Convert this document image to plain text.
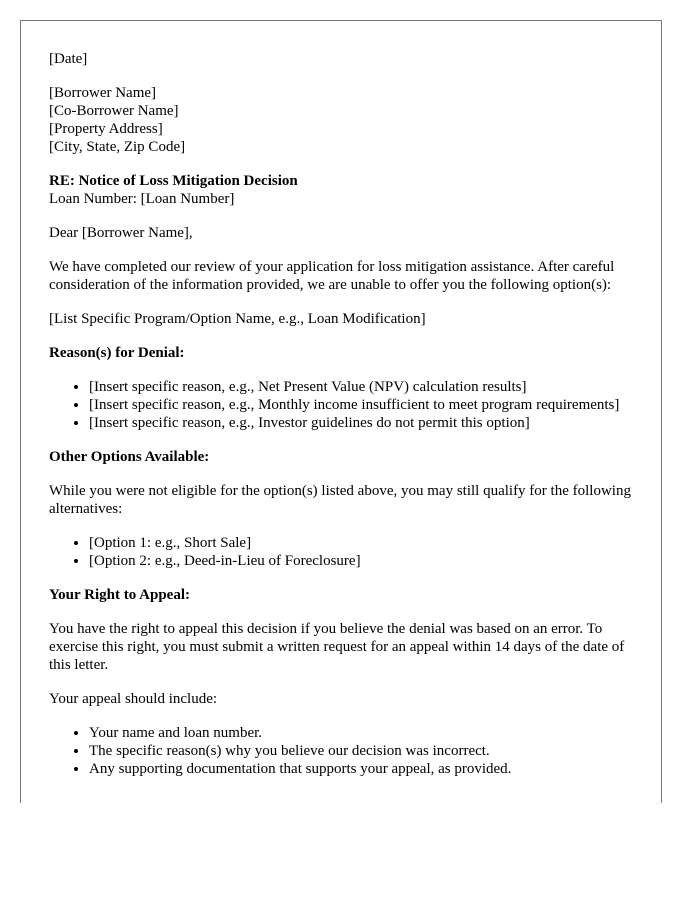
[Date]

[Borrower Name]
[Co-Borrower Name]
[Property Address]
[City, State, Zip Code]

RE: Notice of Loss Mitigation Decision
Loan Number: [Loan Number]

Dear [Borrower Name],

We have completed our review of your application for loss mitigation assistance. After careful consideration of the information provided, we are unable to offer you the following option(s):

[List Specific Program/Option Name, e.g., Loan Modification]

Reason(s) for Denial:

• [Insert specific reason, e.g., Net Present Value (NPV) calculation results]
• [Insert specific reason, e.g., Monthly income insufficient to meet program requirements]
• [Insert specific reason, e.g., Investor guidelines do not permit this option]

Other Options Available:

While you were not eligible for the option(s) listed above, you may still qualify for the following alternatives:

• [Option 1: e.g., Short Sale]
• [Option 2: e.g., Deed-in-Lieu of Foreclosure]

Your Right to Appeal:

You have the right to appeal this decision if you believe the denial was based on an error. To exercise this right, you must submit a written request for an appeal within 14 days of the date of this letter.

Your appeal should include:

• Your name and loan number.
• The specific reason(s) why you believe our decision was incorrect.
• Any supporting documentation that supports your appeal, as provided.
